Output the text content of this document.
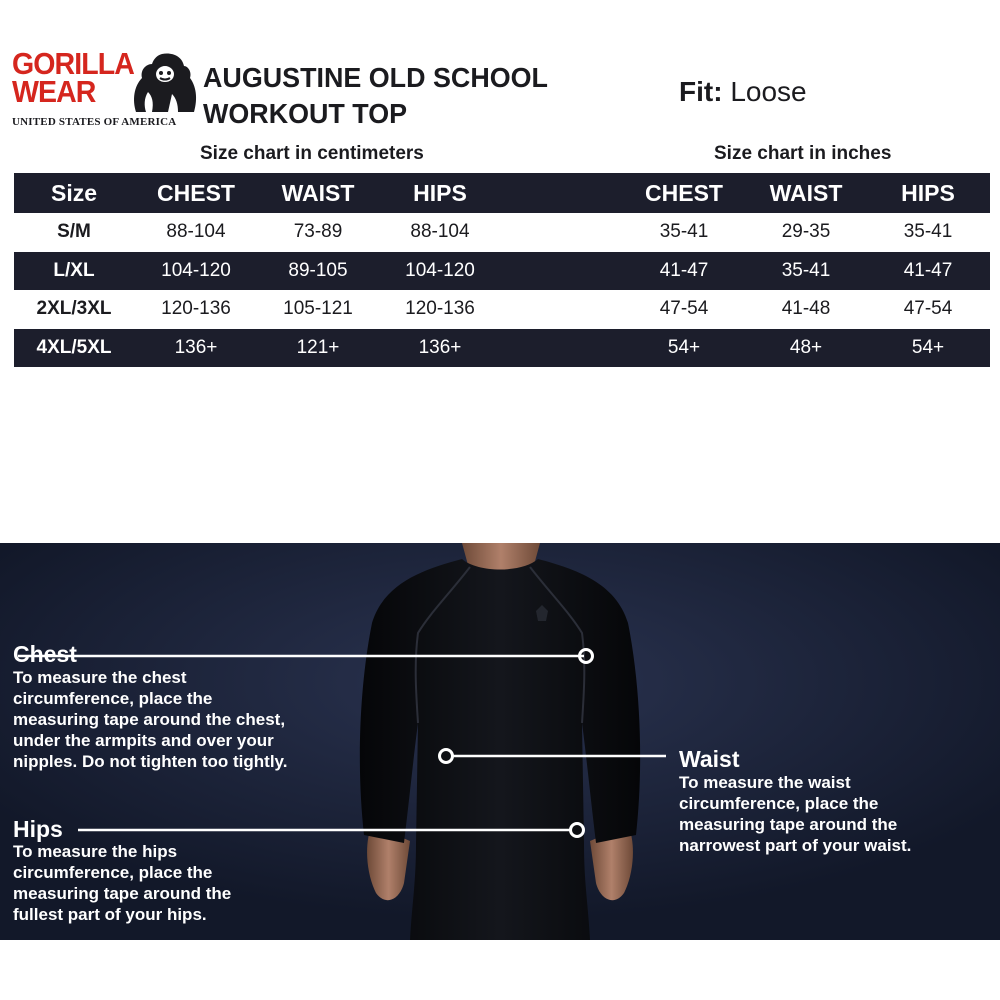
GORILLA
WEAR
UNITED STATES OF AMERICA
AUGUSTINE OLD SCHOOL
WORKOUT TOP
Fit: Loose
Size chart in centimeters	Size chart in inches
Size	CHEST	WAIST	HIPS	CHEST	WAIST	HIPS
S/M	88-104	73-89	88-104	35-41	29-35	35-41
L/XL	104-120	89-105	104-120	41-47	35-41	41-47
2XL/3XL	120-136	105-121	120-136	47-54	41-48	47-54
4XL/5XL	136+	121+	136+	54+	48+	54+
Chest
To measure the chest
circumference, place the
measuring tape around the chest,
under the armpits and over your
nipples. Do not tighten too tightly.	Waist
To measure the waist
circumference, place the
measuring tape around the
narrowest part of your waist.
Hips
To measure the hips
circumference, place the
measuring tape around the
fullest part of your hips.
